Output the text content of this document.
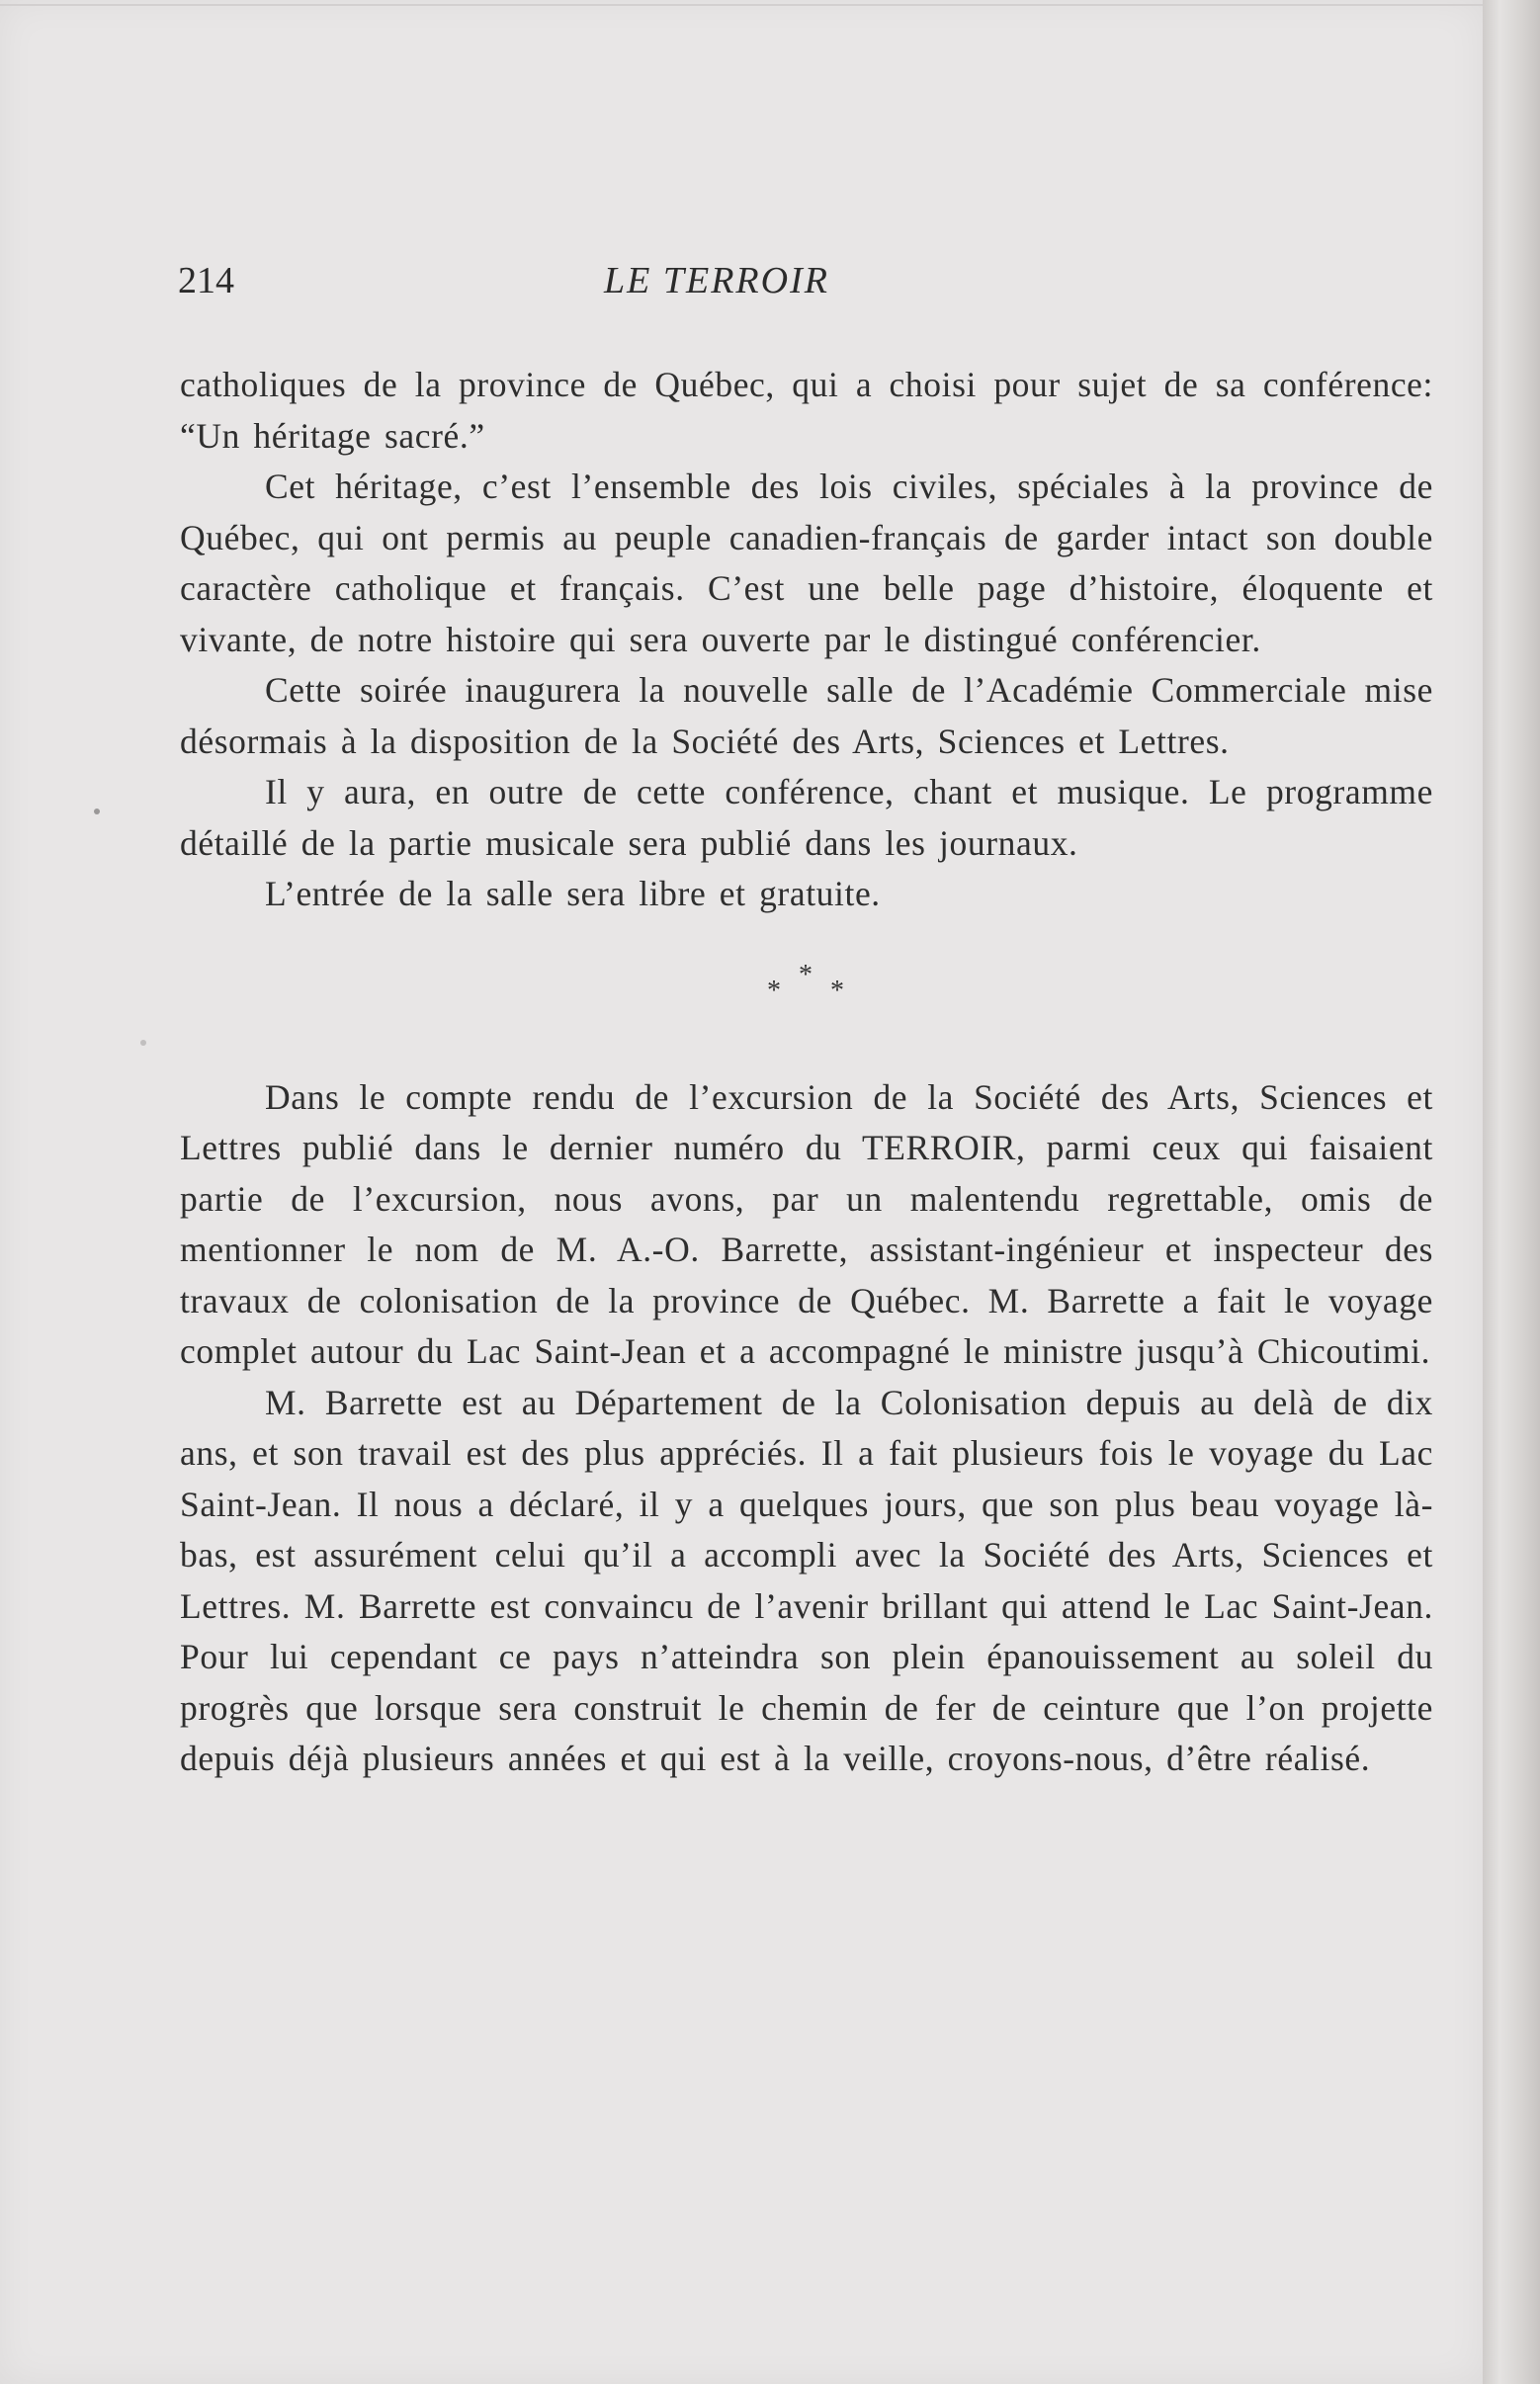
214	LE TERROIR

catholiques de la province de Québec, qui a choisi pour sujet de sa conférence: “Un héritage sacré.”

Cet héritage, c’est l’ensemble des lois civiles, spéciales à la province de Québec, qui ont permis au peuple canadien-français de garder intact son double caractère catholique et français. C’est une belle page d’histoire, éloquente et vivante, de notre histoire qui sera ouverte par le distingué conférencier.

Cette soirée inaugurera la nouvelle salle de l’Académie Commerciale mise désormais à la disposition de la Société des Arts, Sciences et Lettres.

Il y aura, en outre de cette conférence, chant et musique. Le programme détaillé de la partie musicale sera publié dans les journaux.

L’entrée de la salle sera libre et gratuite.

*
* *

Dans le compte rendu de l’excursion de la Société des Arts, Sciences et Lettres publié dans le dernier numéro du TERROIR, parmi ceux qui faisaient partie de l’excursion, nous avons, par un malentendu regrettable, omis de mentionner le nom de M. A.-O. Barrette, assistant-ingénieur et inspecteur des travaux de colonisation de la province de Québec. M. Barrette a fait le voyage complet autour du Lac Saint-Jean et a accompagné le ministre jusqu’à Chicoutimi.

M. Barrette est au Département de la Colonisation depuis au delà de dix ans, et son travail est des plus appréciés. Il a fait plusieurs fois le voyage du Lac Saint-Jean. Il nous a déclaré, il y a quelques jours, que son plus beau voyage là-bas, est assurément celui qu’il a accompli avec la Société des Arts, Sciences et Lettres. M. Barrette est convaincu de l’avenir brillant qui attend le Lac Saint-Jean. Pour lui cependant ce pays n’atteindra son plein épanouissement au soleil du progrès que lorsque sera construit le chemin de fer de ceinture que l’on projette depuis déjà plusieurs années et qui est à la veille, croyons-nous, d’être réalisé.
